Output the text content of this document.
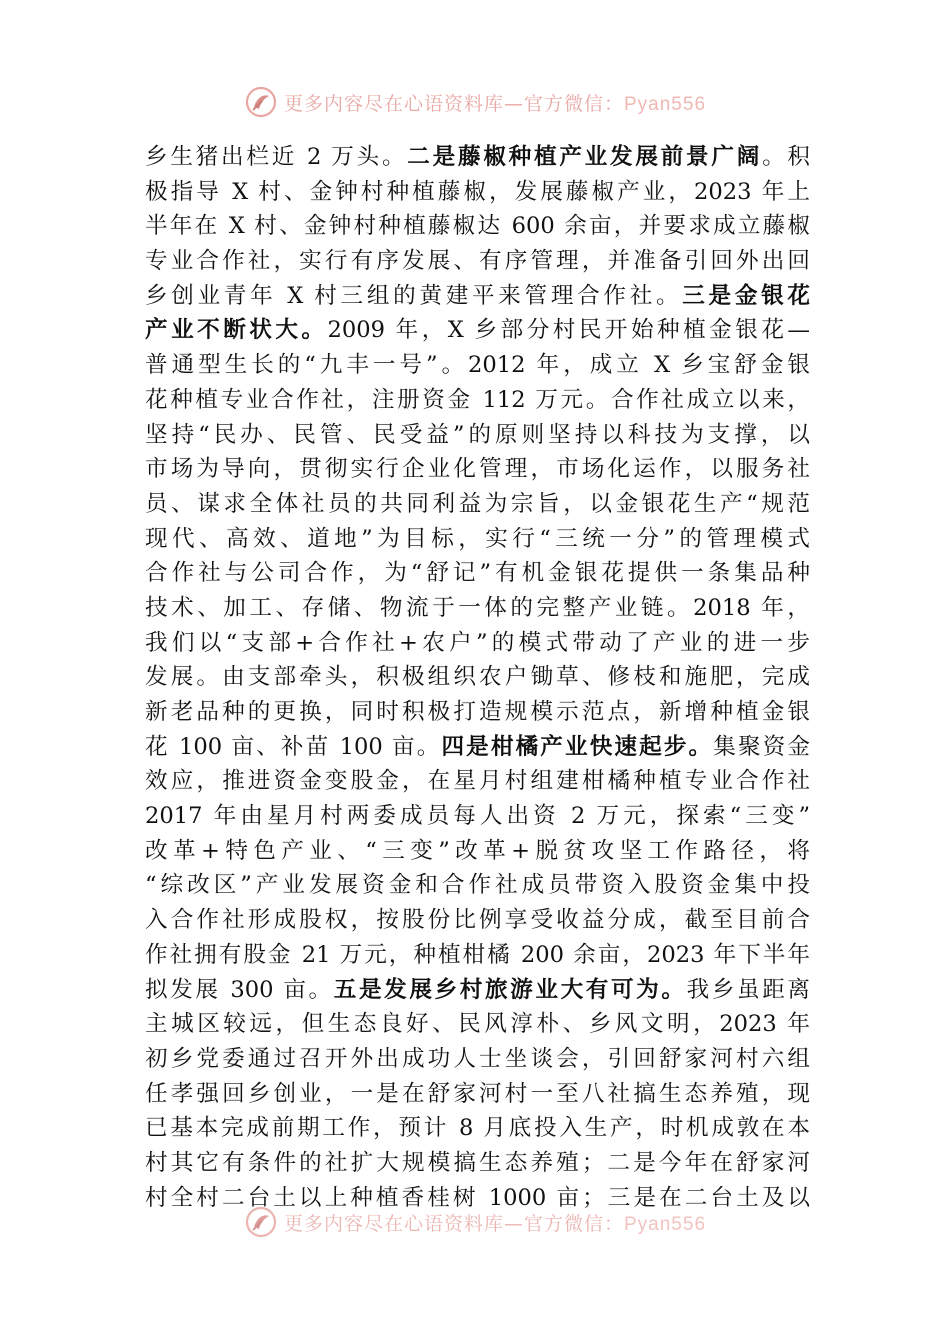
更多内容尽在心语资料库—官方微信：Pyan556
乡生猪出栏近 2 万头。二是藤椒种植产业发展前景广阔。积
极指导 X 村、金钟村种植藤椒，发展藤椒产业，2023 年上
半年在 X 村、金钟村种植藤椒达 600 余亩，并要求成立藤椒
专业合作社，实行有序发展、有序管理，并准备引回外出回
乡创业青年 X 村三组的黄建平来管理合作社。三是金银花
产业不断状大。2009 年，X 乡部分村民开始种植金银花—
普通型生长的“九丰一号”。2012 年，成立 X 乡宝舒金银
花种植专业合作社，注册资金 112 万元。合作社成立以来，
坚持“民办、民管、民受益”的原则坚持以科技为支撑，以
市场为导向，贯彻实行企业化管理，市场化运作，以服务社
员、谋求全体社员的共同利益为宗旨，以金银花生产“规范
现代、高效、道地”为目标，实行“三统一分”的管理模式
合作社与公司合作，为“舒记”有机金银花提供一条集品种
技术、加工、存储、物流于一体的完整产业链。2018 年，
我们以“支部+合作社+农户”的模式带动了产业的进一步
发展。由支部牵头，积极组织农户锄草、修枝和施肥，完成
新老品种的更换，同时积极打造规模示范点，新增种植金银
花 100 亩、补苗 100 亩。四是柑橘产业快速起步。集聚资金
效应，推进资金变股金，在星月村组建柑橘种植专业合作社
2017 年由星月村两委成员每人出资 2 万元，探索“三变”
改革+特色产业、“三变”改革+脱贫攻坚工作路径，将
“综改区”产业发展资金和合作社成员带资入股资金集中投
入合作社形成股权，按股份比例享受收益分成，截至目前合
作社拥有股金 21 万元，种植柑橘 200 余亩，2023 年下半年
拟发展 300 亩。五是发展乡村旅游业大有可为。我乡虽距离
主城区较远，但生态良好、民风淳朴、乡风文明，2023 年
初乡党委通过召开外出成功人士坐谈会，引回舒家河村六组
任孝强回乡创业，一是在舒家河村一至八社搞生态养殖，现
已基本完成前期工作，预计 8 月底投入生产，时机成敦在本
村其它有条件的社扩大规模搞生态养殖；二是今年在舒家河
村全村二台土以上种植香桂树 1000 亩；三是在二台土及以
更多内容尽在心语资料库—官方微信：Pyan556
